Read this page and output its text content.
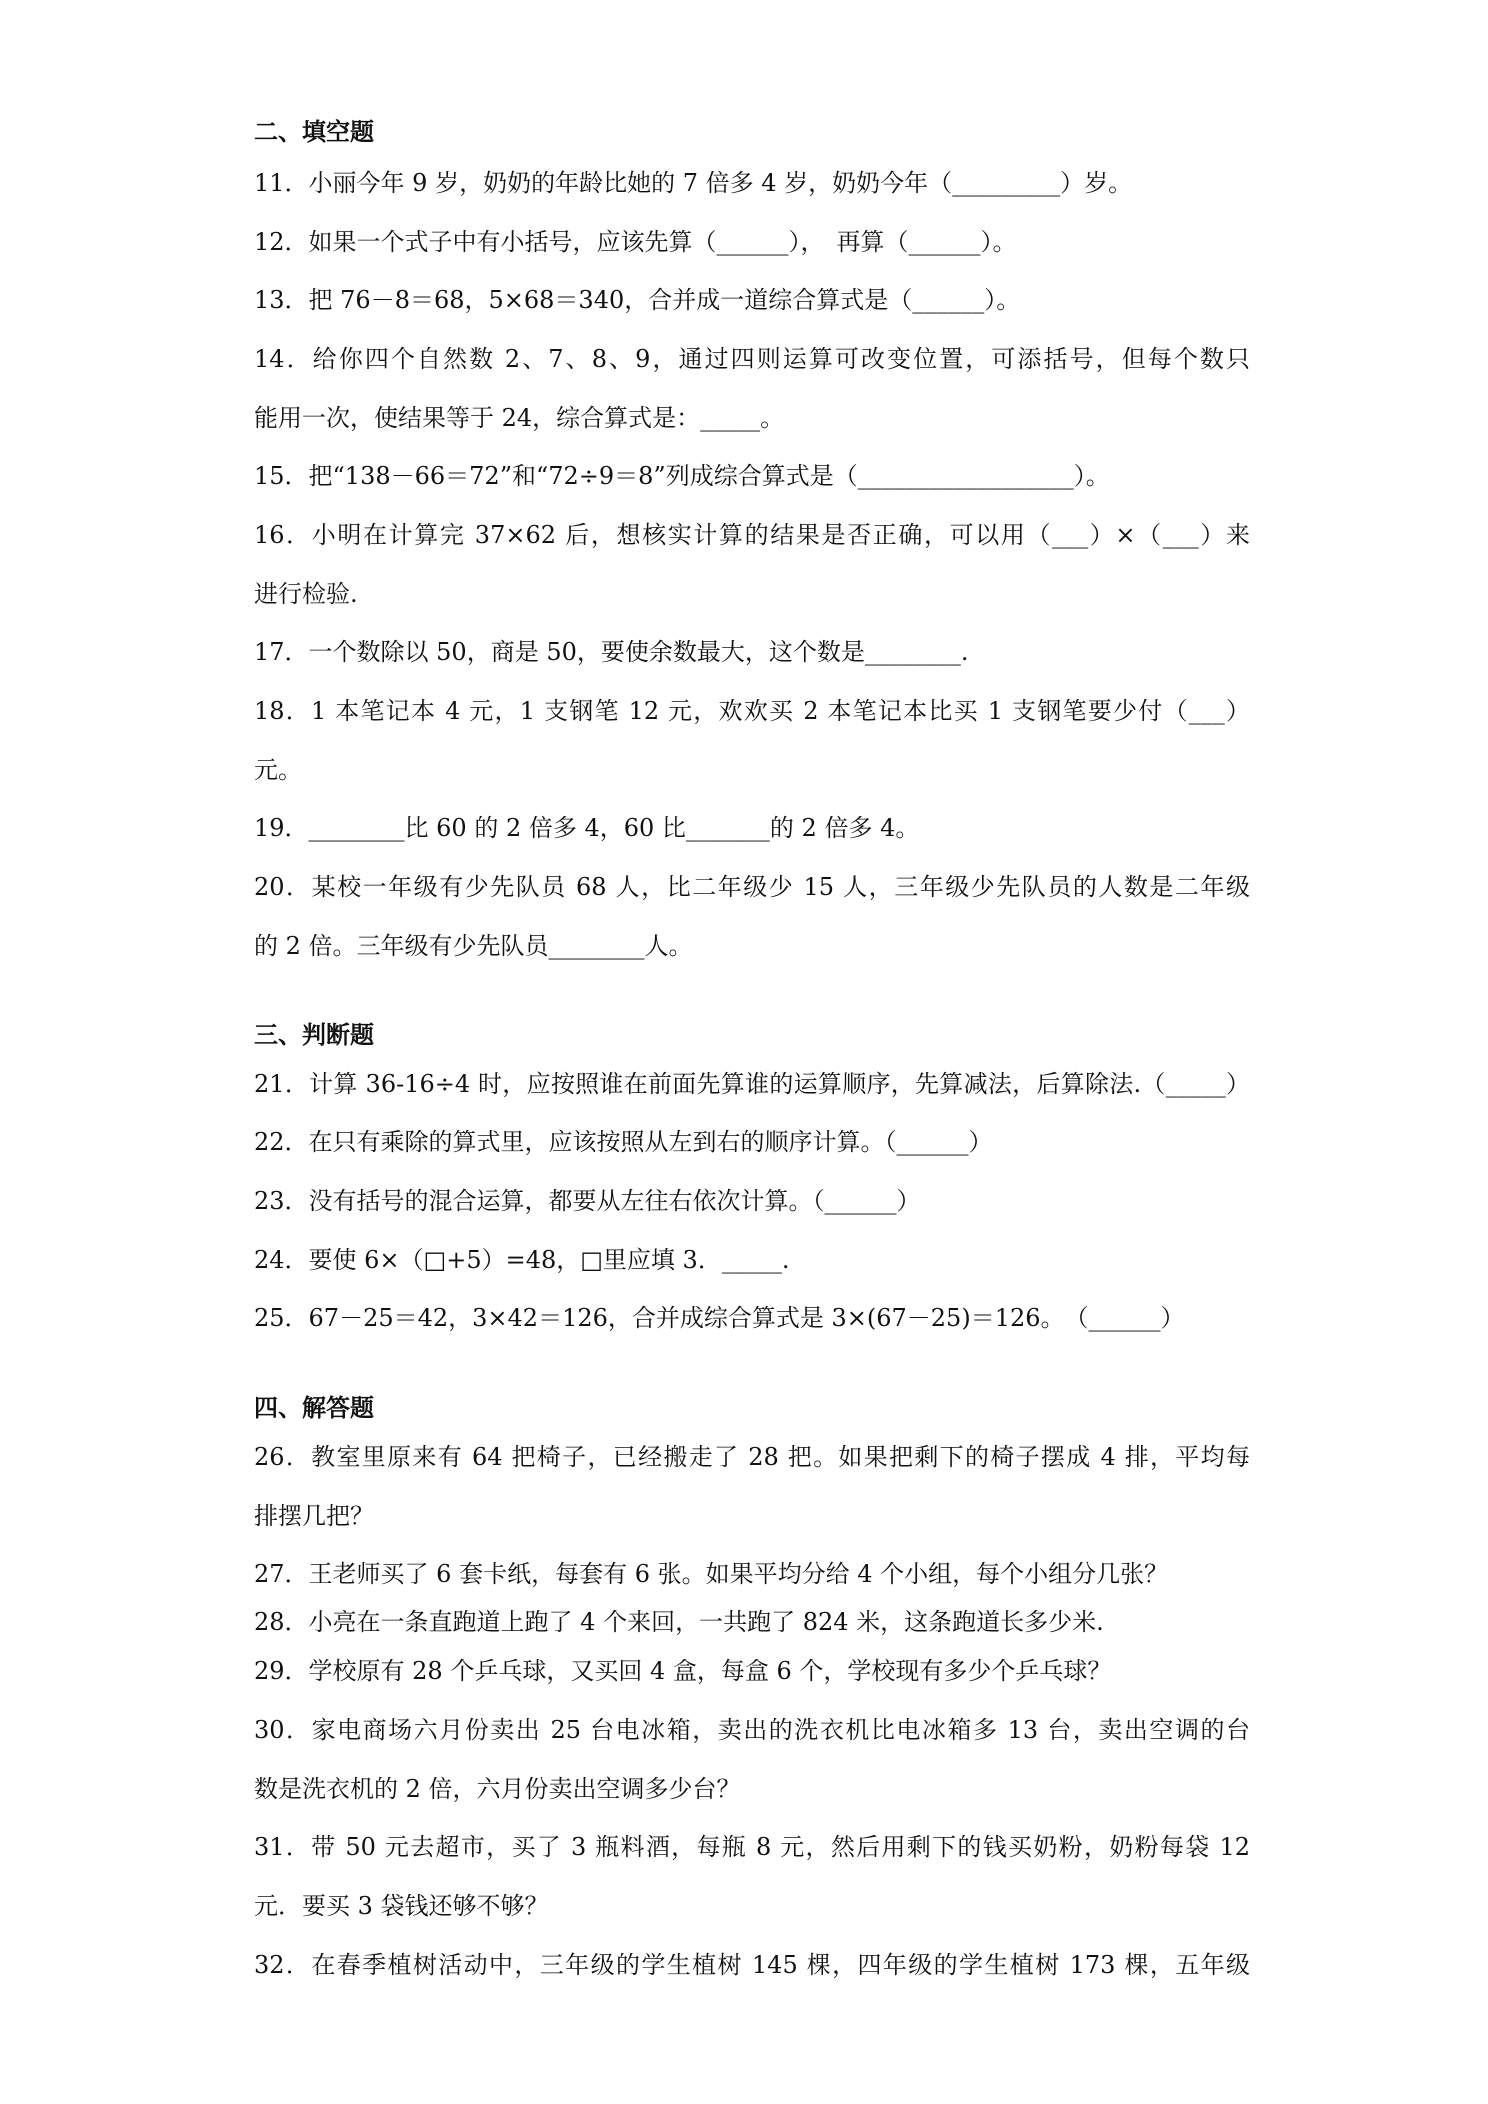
二、填空题
11．小丽今年 9 岁，奶奶的年龄比她的 7 倍多 4 岁，奶奶今年（_________）岁。
12．如果一个式子中有小括号，应该先算（______），　再算（______）。
13．把 76－8＝68，5×68＝340，合并成一道综合算式是（______）。
14．给你四个自然数 2、7、8、9，通过四则运算可改变位置，可添括号，但每个数只
能用一次，使结果等于 24，综合算式是：_____。
15．把“138－66＝72”和“72÷9＝8”列成综合算式是（__________________）。
16．小明在计算完 37×62 后，想核实计算的结果是否正确，可以用（___）×（___）来
进行检验.
17．一个数除以 50，商是 50，要使余数最大，这个数是________.
18．1 本笔记本 4 元，1 支钢笔 12 元，欢欢买 2 本笔记本比买 1 支钢笔要少付（___）
元。
19．________比 60 的 2 倍多 4，60 比_______的 2 倍多 4。
20．某校一年级有少先队员 68 人，比二年级少 15 人，三年级少先队员的人数是二年级
的 2 倍。三年级有少先队员________人。
三、判断题
21．计算 36-16÷4 时，应按照谁在前面先算谁的运算顺序，先算减法，后算除法.（_____）
22．在只有乘除的算式里，应该按照从左到右的顺序计算。（______）
23．没有括号的混合运算，都要从左往右依次计算。（______）
24．要使 6×（□+5）=48，□里应填 3．_____.
25．67－25＝42，3×42＝126，合并成综合算式是 3×(67－25)＝126。　（______）
四、解答题
26．教室里原来有 64 把椅子，已经搬走了 28 把。如果把剩下的椅子摆成 4 排，平均每
排摆几把？
27．王老师买了 6 套卡纸，每套有 6 张。如果平均分给 4 个小组，每个小组分几张？
28．小亮在一条直跑道上跑了 4 个来回，一共跑了 824 米，这条跑道长多少米.
29．学校原有 28 个乒乓球，又买回 4 盒，每盒 6 个，学校现有多少个乒乓球？
30．家电商场六月份卖出 25 台电冰箱，卖出的洗衣机比电冰箱多 13 台，卖出空调的台
数是洗衣机的 2 倍，六月份卖出空调多少台？
31．带 50 元去超市，买了 3 瓶料酒，每瓶 8 元，然后用剩下的钱买奶粉，奶粉每袋 12
元．要买 3 袋钱还够不够？
32．在春季植树活动中，三年级的学生植树 145 棵，四年级的学生植树 173 棵，五年级
